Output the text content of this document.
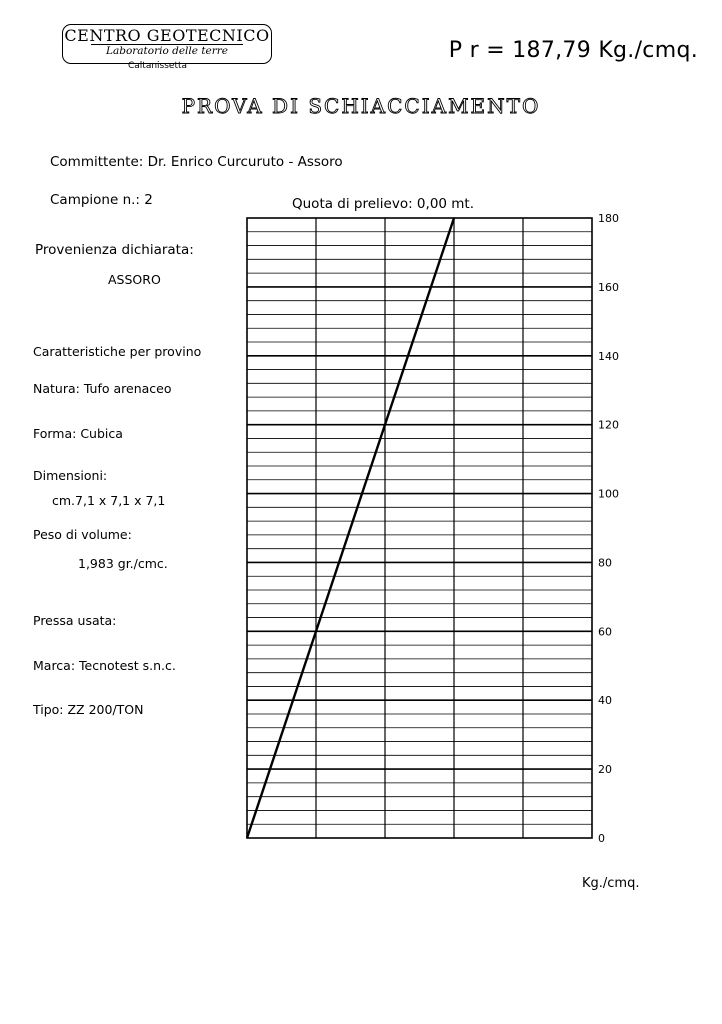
CENTRO GEOTECNICO
Laboratorio delle terre
Caltanissetta
P r = 187,79 Kg./cmq.
PROVA DI SCHIACCIAMENTO
Committente: Dr. Enrico Curcuruto - Assoro
Campione n.: 2	Quota di prelievo: 0,00 mt.
Provenienza dichiarata:
ASSORO
Caratteristiche per provino
Natura: Tufo arenaceo
Forma: Cubica
Dimensioni:
cm.7,1 x 7,1 x 7,1
Peso di volume:
1,983 gr./cmc.
Pressa usata:
Marca: Tecnotest s.n.c.
Tipo: ZZ 200/TON
0
20
40
60
80
100
120
140
160
180
Kg./cmq.
